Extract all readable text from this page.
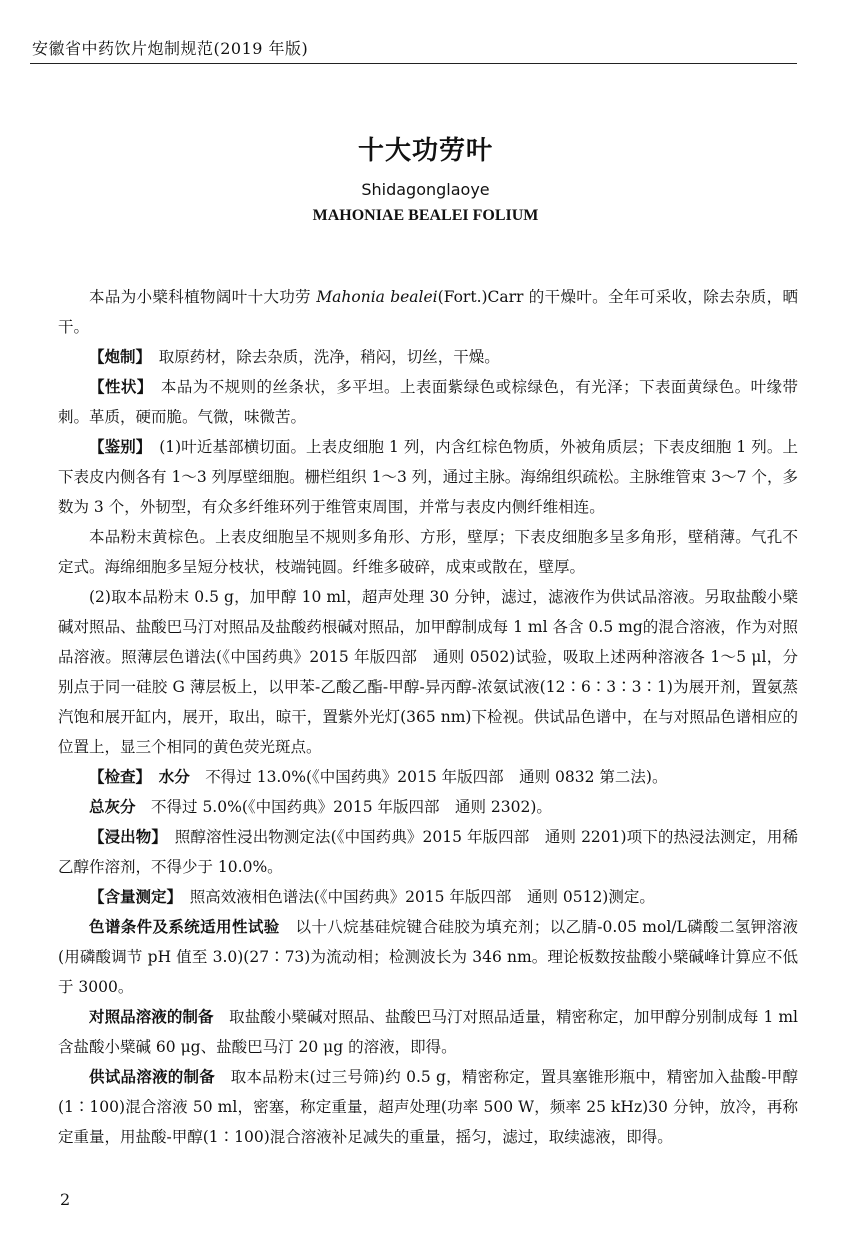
安徽省中药饮片炮制规范(2019 年版)
十大功劳叶
Shidagonglaoye
MAHONIAE BEALEI FOLIUM

本品为小檗科植物阔叶十大功劳 Mahonia bealei(Fort.)Carr 的干燥叶。全年可采收，除去杂质，晒干。

【炮制】　取原药材，除去杂质，洗净，稍闷，切丝，干燥。

【性状】　本品为不规则的丝条状，多平坦。上表面紫绿色或棕绿色，有光泽；下表面黄绿色。叶缘带刺。革质，硬而脆。气微，味微苦。

【鉴别】　(1)叶近基部横切面。上表皮细胞 1 列，内含红棕色物质，外被角质层；下表皮细胞 1 列。上下表皮内侧各有 1～3 列厚壁细胞。栅栏组织 1～3 列，通过主脉。海绵组织疏松。主脉维管束 3～7 个，多数为 3 个，外韧型，有众多纤维环列于维管束周围，并常与表皮内侧纤维相连。

本品粉末黄棕色。上表皮细胞呈不规则多角形、方形，壁厚；下表皮细胞多呈多角形，壁稍薄。气孔不定式。海绵细胞多呈短分枝状，枝端钝圆。纤维多破碎，成束或散在，壁厚。

(2)取本品粉末 0.5 g，加甲醇 10 ml，超声处理 30 分钟，滤过，滤液作为供试品溶液。另取盐酸小檗碱对照品、盐酸巴马汀对照品及盐酸药根碱对照品，加甲醇制成每 1 ml 各含 0.5 mg的混合溶液，作为对照品溶液。照薄层色谱法(《中国药典》2015 年版四部　通则 0502)试验，吸取上述两种溶液各 1～5 μl，分别点于同一硅胶 G 薄层板上，以甲苯-乙酸乙酯-甲醇-异丙醇-浓氨试液(12∶6∶3∶3∶1)为展开剂，置氨蒸汽饱和展开缸内，展开，取出，晾干，置紫外光灯(365 nm)下检视。供试品色谱中，在与对照品色谱相应的位置上，显三个相同的黄色荧光斑点。

【检查】　水分　不得过 13.0%(《中国药典》2015 年版四部　通则 0832 第二法)。

总灰分　不得过 5.0%(《中国药典》2015 年版四部　通则 2302)。

【浸出物】　照醇溶性浸出物测定法(《中国药典》2015 年版四部　通则 2201)项下的热浸法测定，用稀乙醇作溶剂，不得少于 10.0%。

【含量测定】　照高效液相色谱法(《中国药典》2015 年版四部　通则 0512)测定。

色谱条件及系统适用性试验　以十八烷基硅烷键合硅胶为填充剂；以乙腈-0.05 mol/L磷酸二氢钾溶液(用磷酸调节 pH 值至 3.0)(27∶73)为流动相；检测波长为 346 nm。理论板数按盐酸小檗碱峰计算应不低于 3000。

对照品溶液的制备　取盐酸小檗碱对照品、盐酸巴马汀对照品适量，精密称定，加甲醇分别制成每 1 ml 含盐酸小檗碱 60 μg、盐酸巴马汀 20 μg 的溶液，即得。

供试品溶液的制备　取本品粉末(过三号筛)约 0.5 g，精密称定，置具塞锥形瓶中，精密加入盐酸-甲醇(1∶100)混合溶液 50 ml，密塞，称定重量，超声处理(功率 500 W，频率 25 kHz)30 分钟，放冷，再称定重量，用盐酸-甲醇(1∶100)混合溶液补足减失的重量，摇匀，滤过，取续滤液，即得。

2
